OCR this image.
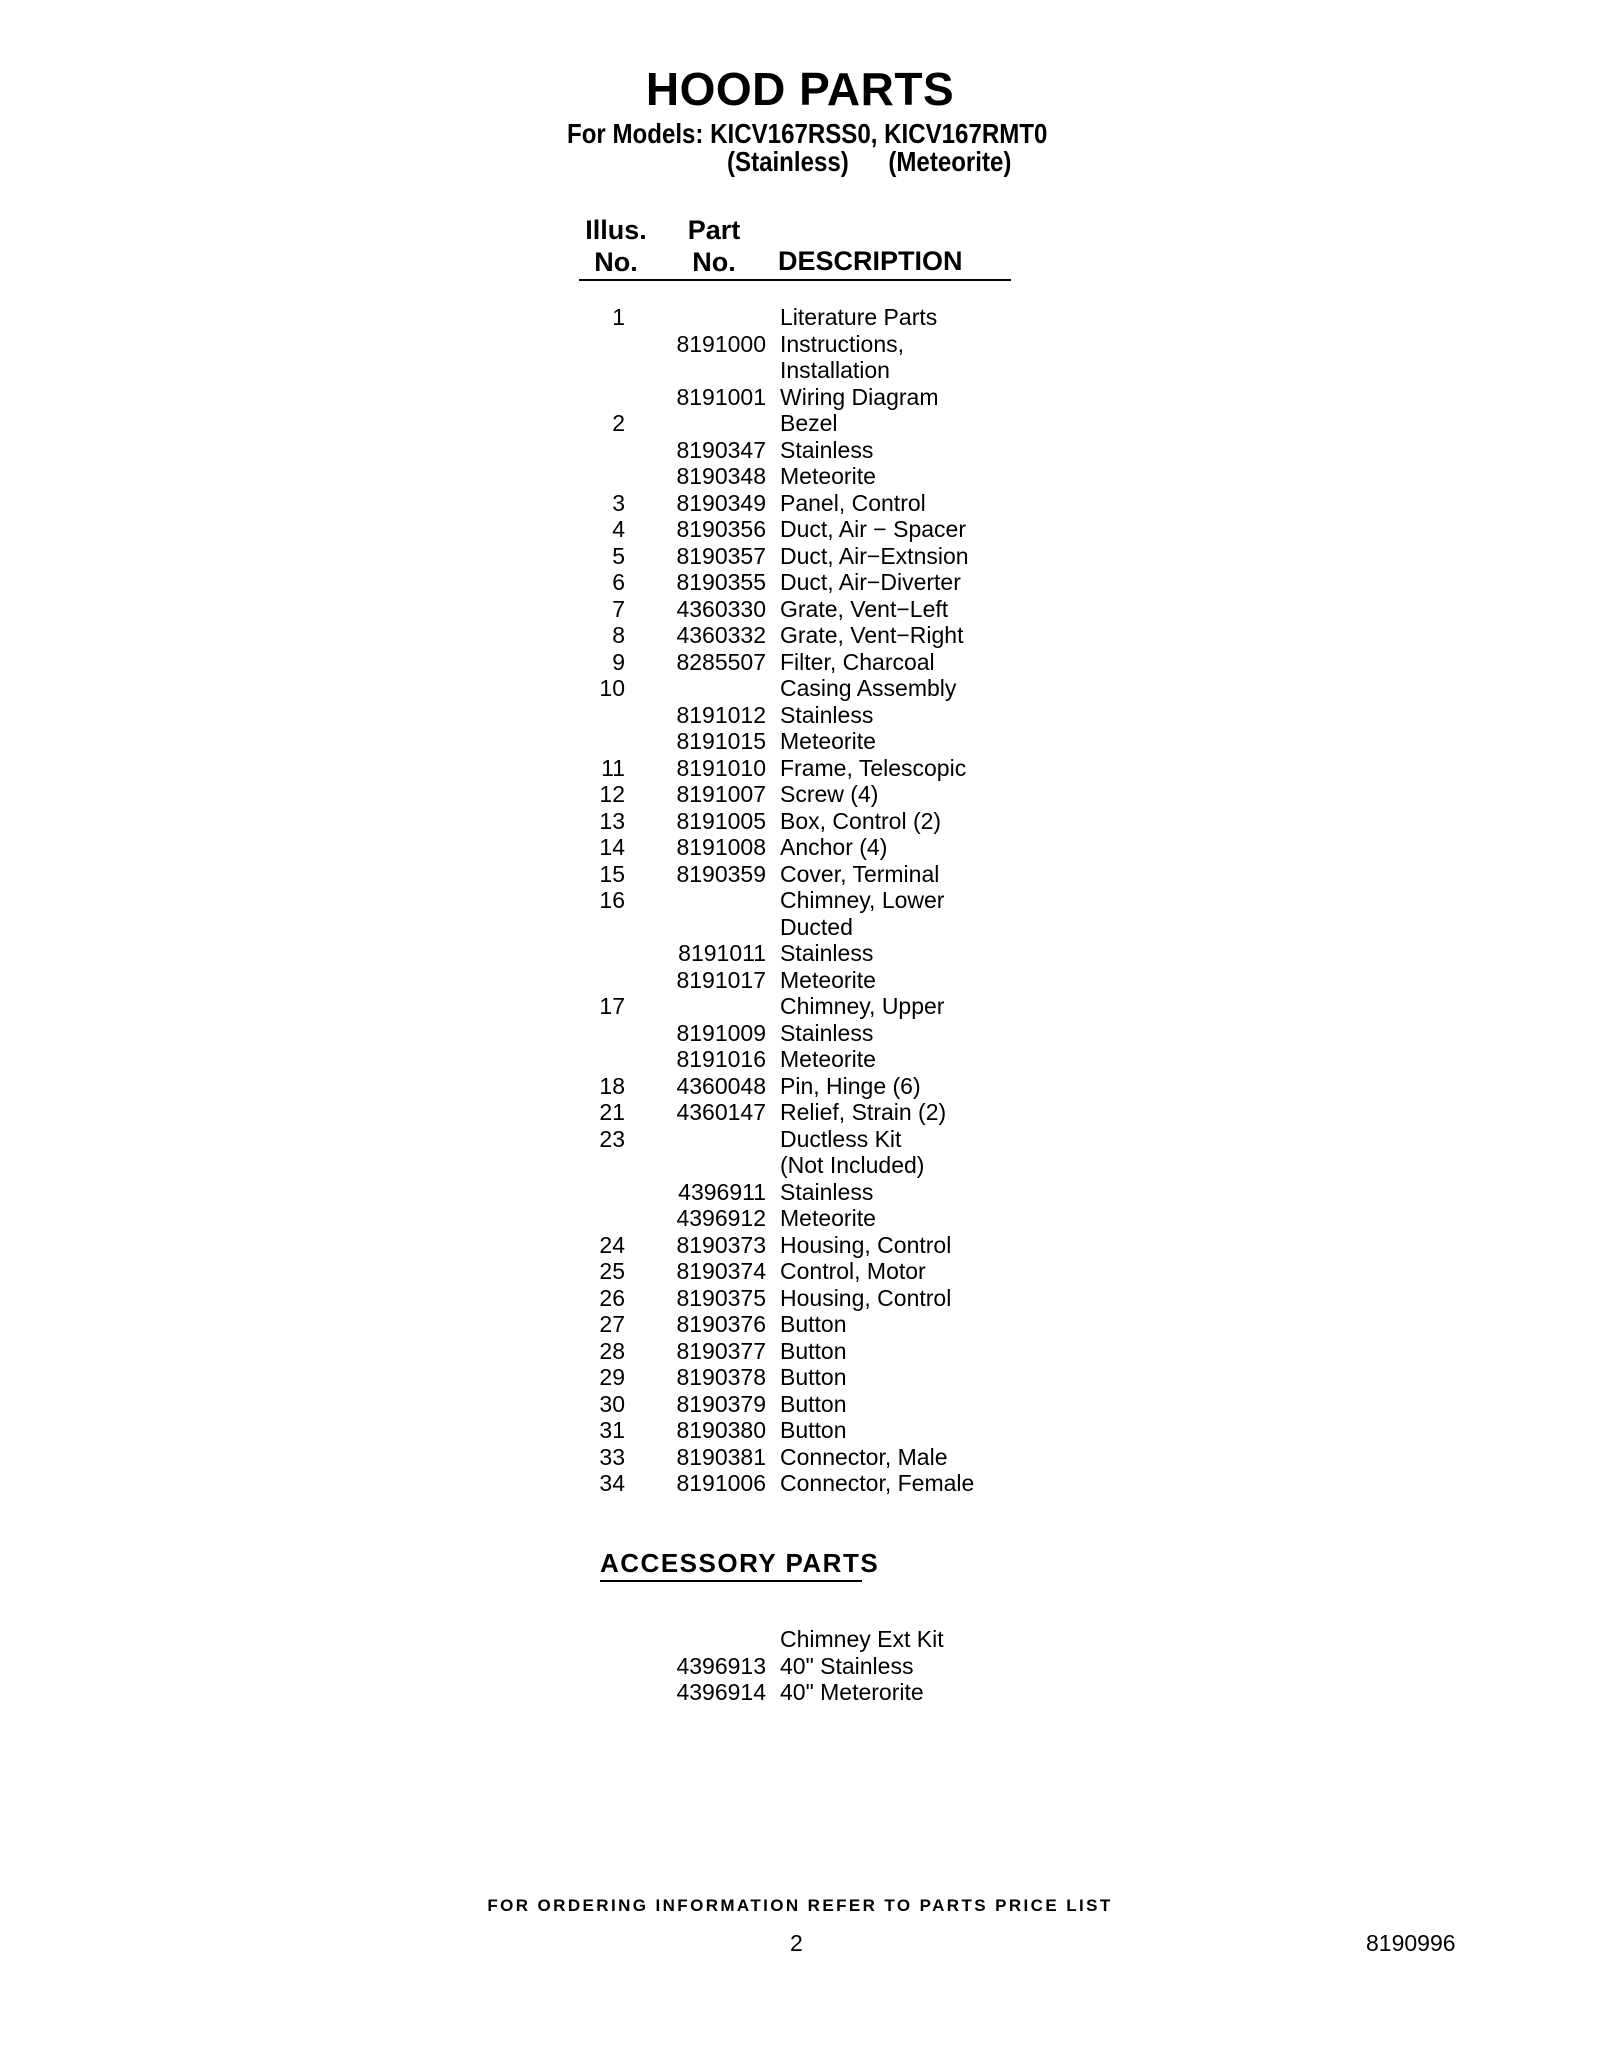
HOOD PARTS
For Models: KICV167RSS0, KICV167RMT0
(Stainless) (Meteorite)
Illus.
No.
Part
No.	DESCRIPTION
1	Literature Parts
8191000 Instructions,
Installation
8191001 Wiring Diagram
2	Bezel
8190347 Stainless
8190348 Meteorite
3	8190349 Panel, Control
4	8190356 Duct, Air − Spacer
5	8190357 Duct, Air−Extnsion
6	8190355 Duct, Air−Diverter
7	4360330 Grate, Vent−Left
8	4360332 Grate, Vent−Right
9	8285507 Filter, Charcoal
10	Casing Assembly
8191012 Stainless
8191015 Meteorite
11	8191010 Frame, Telescopic
12	8191007 Screw (4)
13	8191005 Box, Control (2)
14	8191008 Anchor (4)
15	8190359 Cover, Terminal
16	Chimney, Lower
Ducted
8191011 Stainless
8191017 Meteorite
17	Chimney, Upper
8191009 Stainless
8191016 Meteorite
18	4360048 Pin, Hinge (6)
21	4360147 Relief, Strain (2)
23	Ductless Kit
(Not Included)
4396911 Stainless
4396912 Meteorite
24	8190373 Housing, Control
25	8190374 Control, Motor
26	8190375 Housing, Control
27	8190376 Button
28	8190377 Button
29	8190378 Button
30	8190379 Button
31	8190380 Button
33	8190381 Connector, Male
34	8191006 Connector, Female
ACCESSORY PARTS
Chimney Ext Kit
4396913 40" Stainless
4396914 40" Meterorite
FOR ORDERING INFORMATION REFER TO PARTS PRICE LIST
2	8190996
